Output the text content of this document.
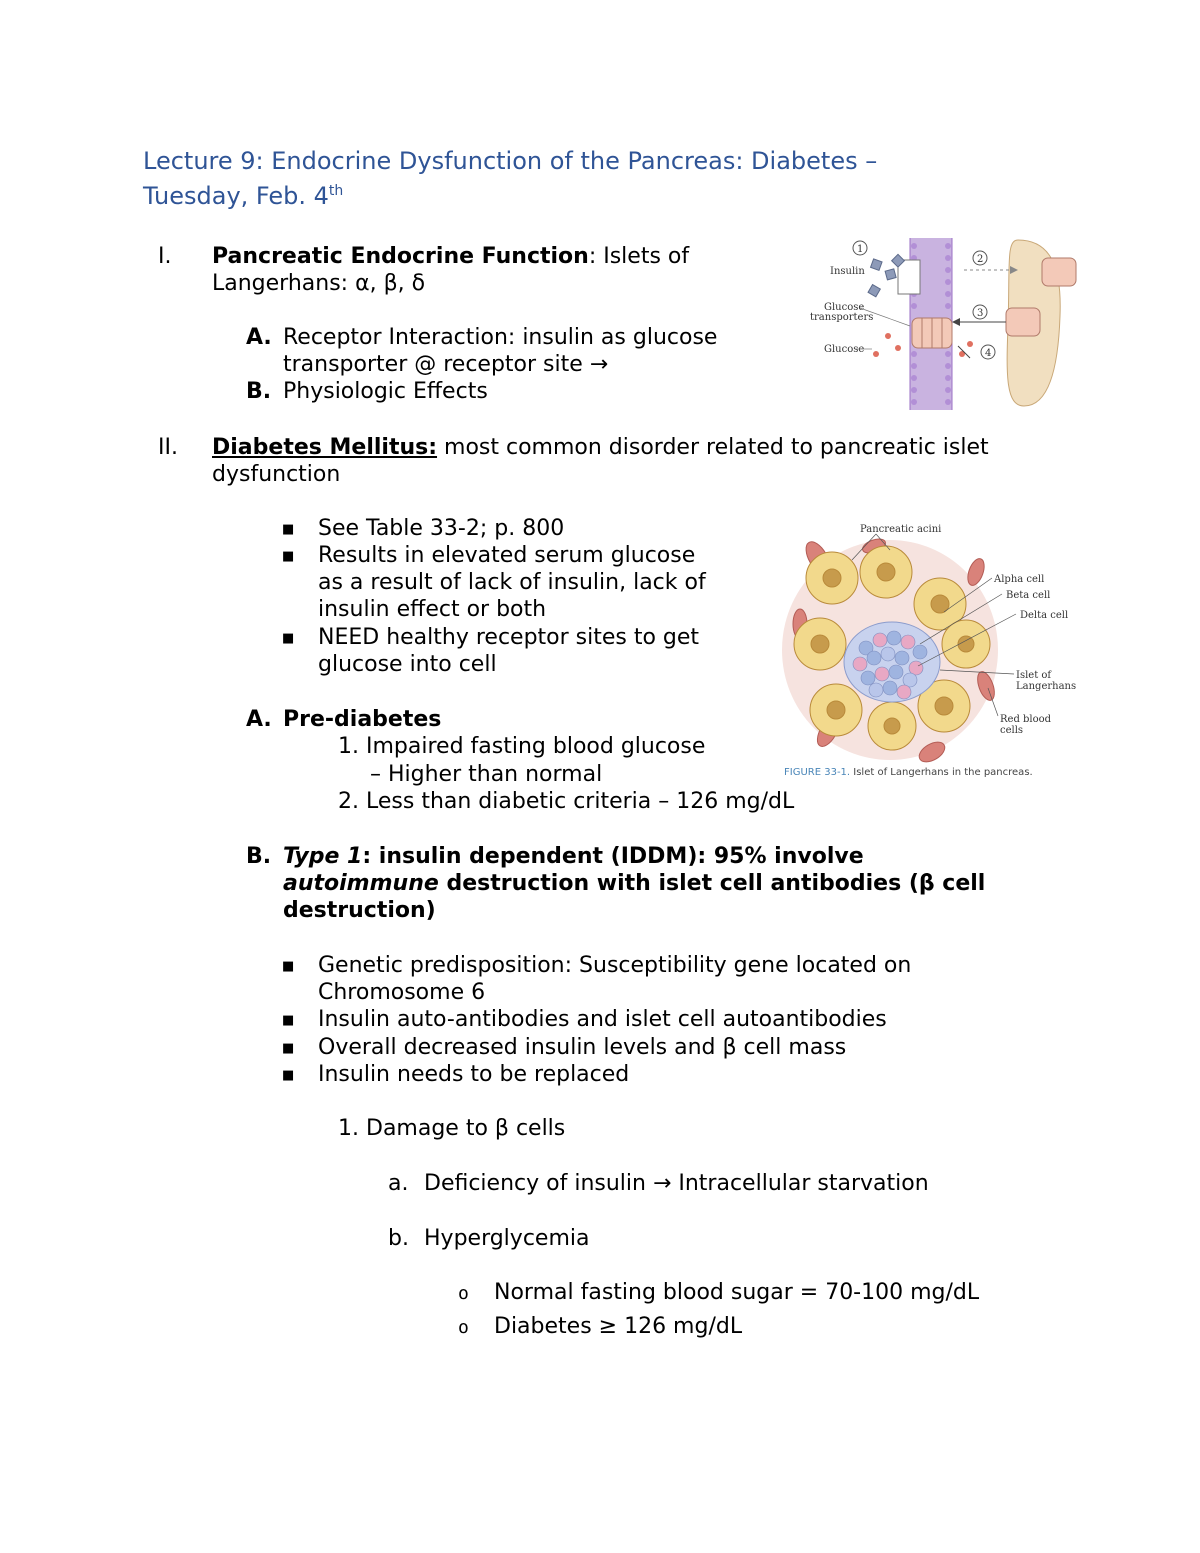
Lecture 9: Endocrine Dysfunction of the Pancreas: Diabetes –
Tuesday, Feb. 4th
I. Pancreatic Endocrine Function: Islets of
Langerhans: α, β, δ
A. Receptor Interaction: insulin as glucose
transporter @ receptor site →
B. Physiologic Effects
1
2
3
4
Insulin
Glucose
transporters
Glucose
II. Diabetes Mellitus: most common disorder related to pancreatic islet
dysfunction
■ See Table 33-2; p. 800
■ Results in elevated serum glucose
as a result of lack of insulin, lack of
insulin effect or both
■ NEED healthy receptor sites to get
glucose into cell
A. Pre-diabetes
1. Impaired fasting blood glucose
– Higher than normal
2. Less than diabetic criteria – 126 mg/dL
Pancreatic acini
Alpha cell
Beta cell
Delta cell
Islet of
Langerhans
Red blood
cells
FIGURE 33-1. Islet of Langerhans in the pancreas.
B. Type 1: insulin dependent (IDDM): 95% involve
autoimmune destruction with islet cell antibodies (β cell
destruction)
■ Genetic predisposition: Susceptibility gene located on
Chromosome 6
■ Insulin auto-antibodies and islet cell autoantibodies
■ Overall decreased insulin levels and β cell mass
■ Insulin needs to be replaced
1. Damage to β cells
a. Deficiency of insulin → Intracellular starvation
b. Hyperglycemia
o Normal fasting blood sugar = 70-100 mg/dL
o Diabetes ≥ 126 mg/dL
